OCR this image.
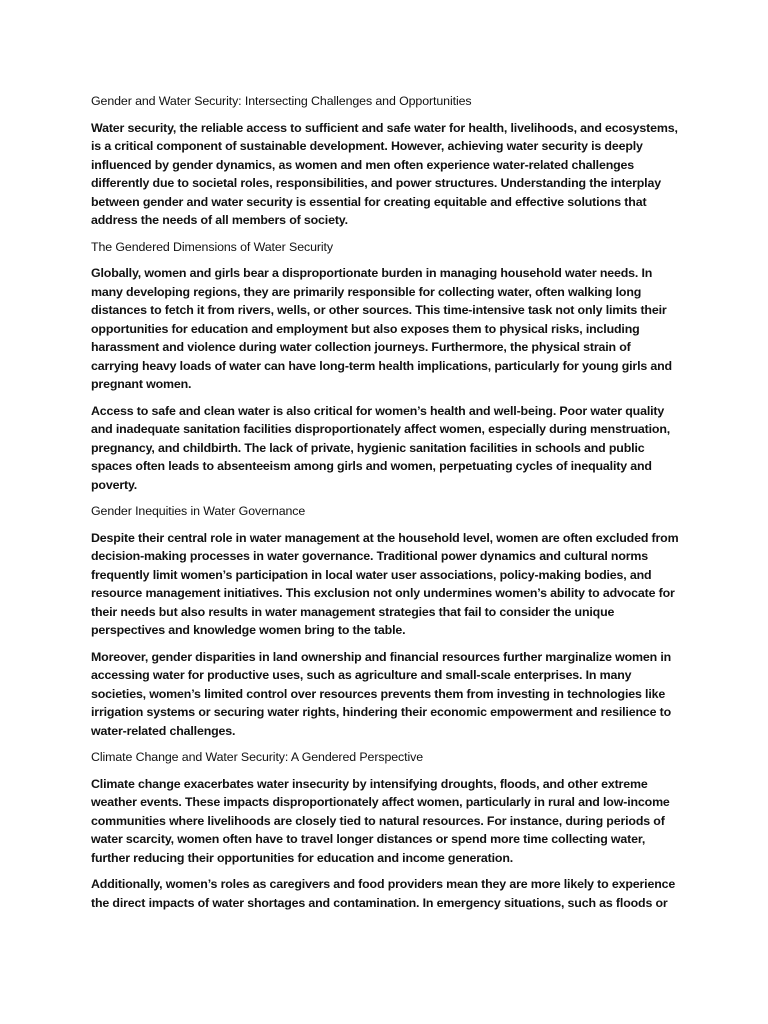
Gender and Water Security: Intersecting Challenges and Opportunities

Water security, the reliable access to sufficient and safe water for health, livelihoods, and ecosystems, is a critical component of sustainable development. However, achieving water security is deeply influenced by gender dynamics, as women and men often experience water-related challenges differently due to societal roles, responsibilities, and power structures. Understanding the interplay between gender and water security is essential for creating equitable and effective solutions that address the needs of all members of society.

The Gendered Dimensions of Water Security

Globally, women and girls bear a disproportionate burden in managing household water needs. In many developing regions, they are primarily responsible for collecting water, often walking long distances to fetch it from rivers, wells, or other sources. This time-intensive task not only limits their opportunities for education and employment but also exposes them to physical risks, including harassment and violence during water collection journeys. Furthermore, the physical strain of carrying heavy loads of water can have long-term health implications, particularly for young girls and pregnant women.

Access to safe and clean water is also critical for women’s health and well-being. Poor water quality and inadequate sanitation facilities disproportionately affect women, especially during menstruation, pregnancy, and childbirth. The lack of private, hygienic sanitation facilities in schools and public spaces often leads to absenteeism among girls and women, perpetuating cycles of inequality and poverty.

Gender Inequities in Water Governance

Despite their central role in water management at the household level, women are often excluded from decision-making processes in water governance. Traditional power dynamics and cultural norms frequently limit women’s participation in local water user associations, policy-making bodies, and resource management initiatives. This exclusion not only undermines women’s ability to advocate for their needs but also results in water management strategies that fail to consider the unique perspectives and knowledge women bring to the table.

Moreover, gender disparities in land ownership and financial resources further marginalize women in accessing water for productive uses, such as agriculture and small-scale enterprises. In many societies, women’s limited control over resources prevents them from investing in technologies like irrigation systems or securing water rights, hindering their economic empowerment and resilience to water-related challenges.

Climate Change and Water Security: A Gendered Perspective

Climate change exacerbates water insecurity by intensifying droughts, floods, and other extreme weather events. These impacts disproportionately affect women, particularly in rural and low-income communities where livelihoods are closely tied to natural resources. For instance, during periods of water scarcity, women often have to travel longer distances or spend more time collecting water, further reducing their opportunities for education and income generation.

Additionally, women’s roles as caregivers and food providers mean they are more likely to experience the direct impacts of water shortages and contamination. In emergency situations, such as floods or
